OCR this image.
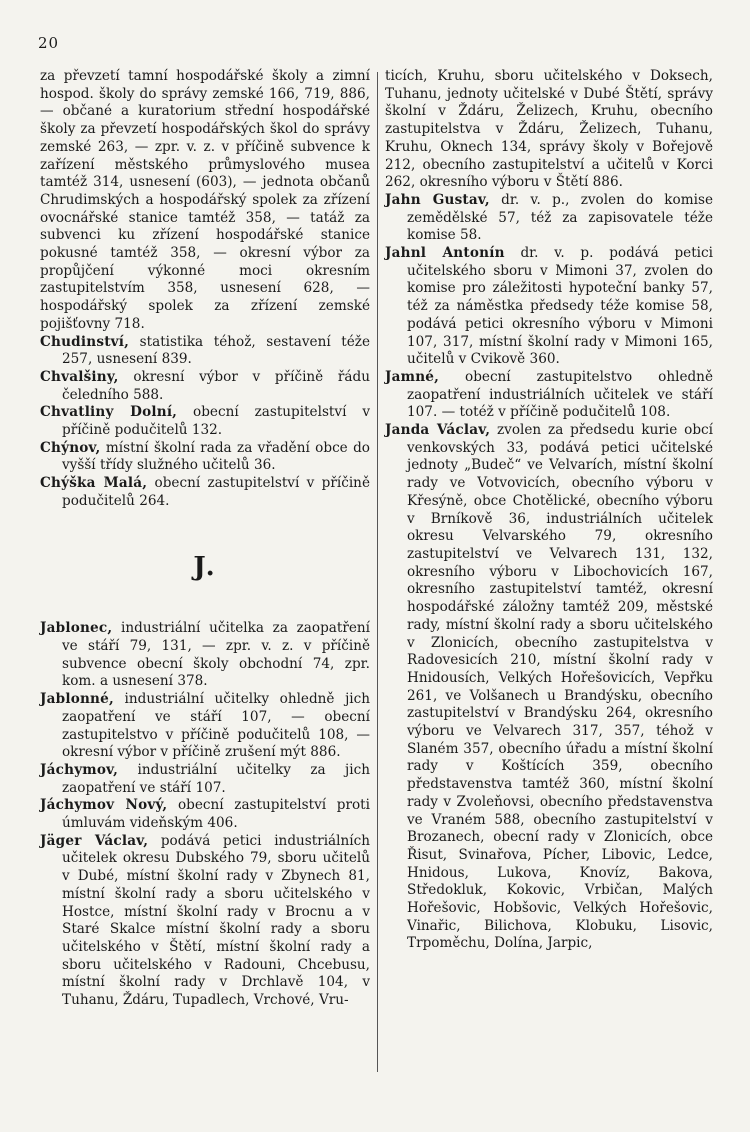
20

za převzetí tamní hospodářské školy a zimní hospod. školy do správy zemské 166, 719, 886, — občané a kuratorium střední hospodářské školy za převzetí hospodářských škol do správy zemské 263, — zpr. v. z. v příčině subvence k zařízení městského průmyslového musea tamtéž 314, usnesení (603), — jednota občanů Chrudimských a hospodářský spolek za zřízení ovocnářské stanice tamtéž 358, — tatáž za subvenci ku zřízení hospodářské stanice pokusné tamtéž 358, — okresní výbor za propůjčení výkonné moci okresním zastupitelstvím 358, usnesení 628, — hospodářský spolek za zřízení zemské pojišťovny 718.

Chudinství, statistika téhož, sestavení téže 257, usnesení 839.

Chvalšiny, okresní výbor v příčině řádu čeledního 588.

Chvatliny Dolní, obecní zastupitelství v příčině podučitelů 132.

Chýnov, místní školní rada za vřadění obce do vyšší třídy služného učitelů 36.

Chýška Malá, obecní zastupitelství v příčině podučitelů 264.

J.

Jablonec, industriální učitelka za zaopatření ve stáří 79, 131, — zpr. v. z. v příčině subvence obecní školy obchodní 74, zpr. kom. a usnesení 378.

Jablonné, industriální učitelky ohledně jich zaopatření ve stáří 107, — obecní zastupitelstvo v příčině podučitelů 108, — okresní výbor v příčině zrušení mýt 886.

Jáchymov, industriální učitelky za jich zaopatření ve stáří 107.

Jáchymov Nový, obecní zastupitelství proti úmluvám videňským 406.

Jäger Václav, podává petici industriálních učitelek okresu Dubského 79, sboru učitelů v Dubé, místní školní rady v Zbynech 81, místní školní rady a sboru učitelského v Hostce, místní školní rady v Brocnu a v Staré Skalce místní školní rady a sboru učitelského v Štětí, místní školní rady a sboru učitelského v Radouni, Chcebusu, místní školní rady v Drchlavě 104, v Tuhanu, Ždáru, Tupadlech, Vrchové, Vru-

ticích, Kruhu, sboru učitelského v Doksech, Tuhanu, jednoty učitelské v Dubé Štětí, správy školní v Ždáru, Želizech, Kruhu, obecního zastupitelstva v Ždáru, Želizech, Tuhanu, Kruhu, Oknech 134, správy školy v Bořejově 212, obecního zastupitelství a učitelů v Korci 262, okresního výboru v Štětí 886.

Jahn Gustav, dr. v. p., zvolen do komise zemědělské 57, též za zapisovatele téže komise 58.

Jahnl Antonín dr. v. p. podává petici učitelského sboru v Mimoni 37, zvolen do komise pro záležitosti hypoteční banky 57, též za náměstka předsedy téže komise 58, podává petici okresního výboru v Mimoni 107, 317, místní školní rady v Mimoni 165, učitelů v Cvikově 360.

Jamné, obecní zastupitelstvo ohledně zaopatření industriálních učitelek ve stáří 107. — totéž v příčině podučitelů 108.

Janda Václav, zvolen za předsedu kurie obcí venkovských 33, podává petici učitelské jednoty „Budeč“ ve Velvarích, místní školní rady ve Votvovicích, obecního výboru v Křesýně, obce Chotělické, obecního výboru v Brníkově 36, industriálních učitelek okresu Velvarského 79, okresního zastupitelství ve Velvarech 131, 132, okresního výboru v Libochovicích 167, okresního zastupitelství tamtéž, okresní hospodářské záložny tamtéž 209, městské rady, místní školní rady a sboru učitelského v Zlonicích, obecního zastupitelstva v Radovesicích 210, místní školní rady v Hnidousích, Velkých Hořešovicích, Vepřku 261, ve Volšanech u Brandýsku, obecního zastupitelství v Brandýsku 264, okresního výboru ve Velvarech 317, 357, téhož v Slaném 357, obecního úřadu a místní školní rady v Koštících 359, obecního představenstva tamtéž 360, místní školní rady v Zvoleňovsi, obecního představenstva ve Vraném 588, obecního zastupitelství v Brozanech, obecní rady v Zlonicích, obce Řisut, Svinařova, Pícher, Libovic, Ledce, Hnidous, Lukova, Knovíz, Bakova, Středokluk, Kokovic, Vrbičan, Malých Hořešovic, Hobšovic, Velkých Hořešovic, Vinařic, Bilichova, Klobuku, Lisovic, Trpoměchu, Dolína, Jarpic,
